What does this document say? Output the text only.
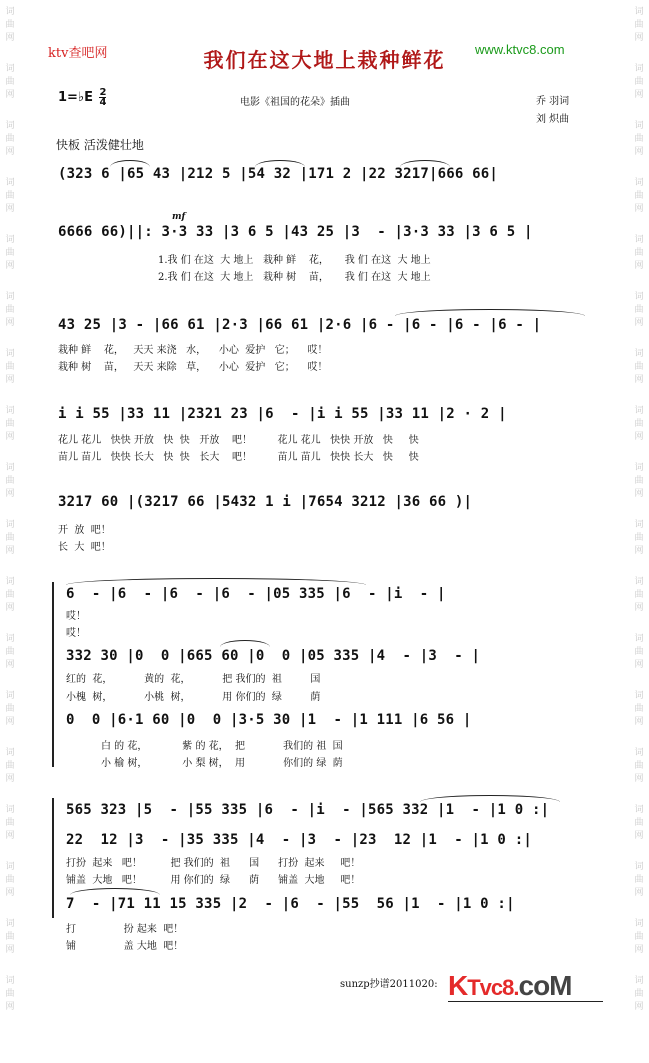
词
曲
网
词
曲
网
词
曲
网
词
曲
网
词
曲
网
词
曲
网
词
曲
网
词
曲
网
词
曲
网
词
曲
网
词
曲
网
词
曲
网
词
曲
网
词
曲
网
词
曲
网
词
曲
网
词
曲
网
词
曲
网
词
曲
网
词
曲
网
词
曲
网
词
曲
网
词
曲
网
词
曲
网
词
曲
网
词
曲
网
词
曲
网
词
曲
网
词
曲
网
词
曲
网
词
曲
网
词
曲
网
词
曲
网
词
曲
网
词
曲
网
词
曲
网
ktv查吧网	www.ktvc8.com
我们在这大地上栽种鲜花
1=♭E $\frac{2}{4}$	电影《祖国的花朵》插曲	乔 羽词
刘 炽曲
快板 活泼健壮地
(323 6 |65 43 |212 5 |54 32 |171 2 |22 3217|666 66|
mf
6666 66)||: 3·3 33 |3 6 5 |43 25 |3  - |3·3 33 |3 6 5 |
1.我 们 在这  大 地上   栽种 鲜    花，     我 们 在这  大 地上
2.我 们 在这  大 地上   栽种 树    苗，     我 们 在这  大 地上
43 25 |3 - |66 61 |2·3 |66 61 |2·6 |6 - |6 - |6 - |6 - |
栽种 鲜    花，   天天 来浇   水，    小心  爱护   它；    哎！
栽种 树    苗，   天天 来除   草，    小心  爱护   它；    哎！
i i 55 |33 11 |2321 23 |6  - |i i 55 |33 11 |2 · 2 |
花儿 花儿   快快 开放   快  快   开放    吧！        花儿 花儿   快快 开放   快     快
苗儿 苗儿   快快 长大   快  快   长大    吧！        苗儿 苗儿   快快 长大   快     快
3217 60 |(3217 66 |5432 1 i |7654 3212 |36 66 )|
开  放  吧！
长  大  吧！
6  - |6  - |6  - |6  - |05 335 |6  - |i  - |
哎！
哎！
332 30 |0  0 |665 60 |0  0 |05 335 |4  - |3  - |
红的  花，          黄的  花，          把 我们的  祖         国
小槐  树，          小桃  树，          用 你们的  绿         荫
0  0 |6·1 60 |0  0 |3·5 30 |1  - |1 111 |6 56 |
白 的 花，           紫 的 花，  把            我们的 祖  国
小 榆 树，           小 梨 树，  用            你们的 绿  荫
565 323 |5  - |55 335 |6  - |i  - |565 332 |1  - |1 0 :|
22  12 |3  - |35 335 |4  - |3  - |23  12 |1  - |1 0 :|
打扮  起来   吧！         把 我们的  祖      国      打扮  起来     吧！
铺盖  大地   吧！         用 你们的  绿      荫      铺盖  大地     吧！
7  - |71 11 15 335 |2  - |6  - |55  56 |1  - |1 0 :|
打               扮 起来  吧！
铺               盖 大地  吧！
sunzp抄谱2011020: KTvc8.coM
